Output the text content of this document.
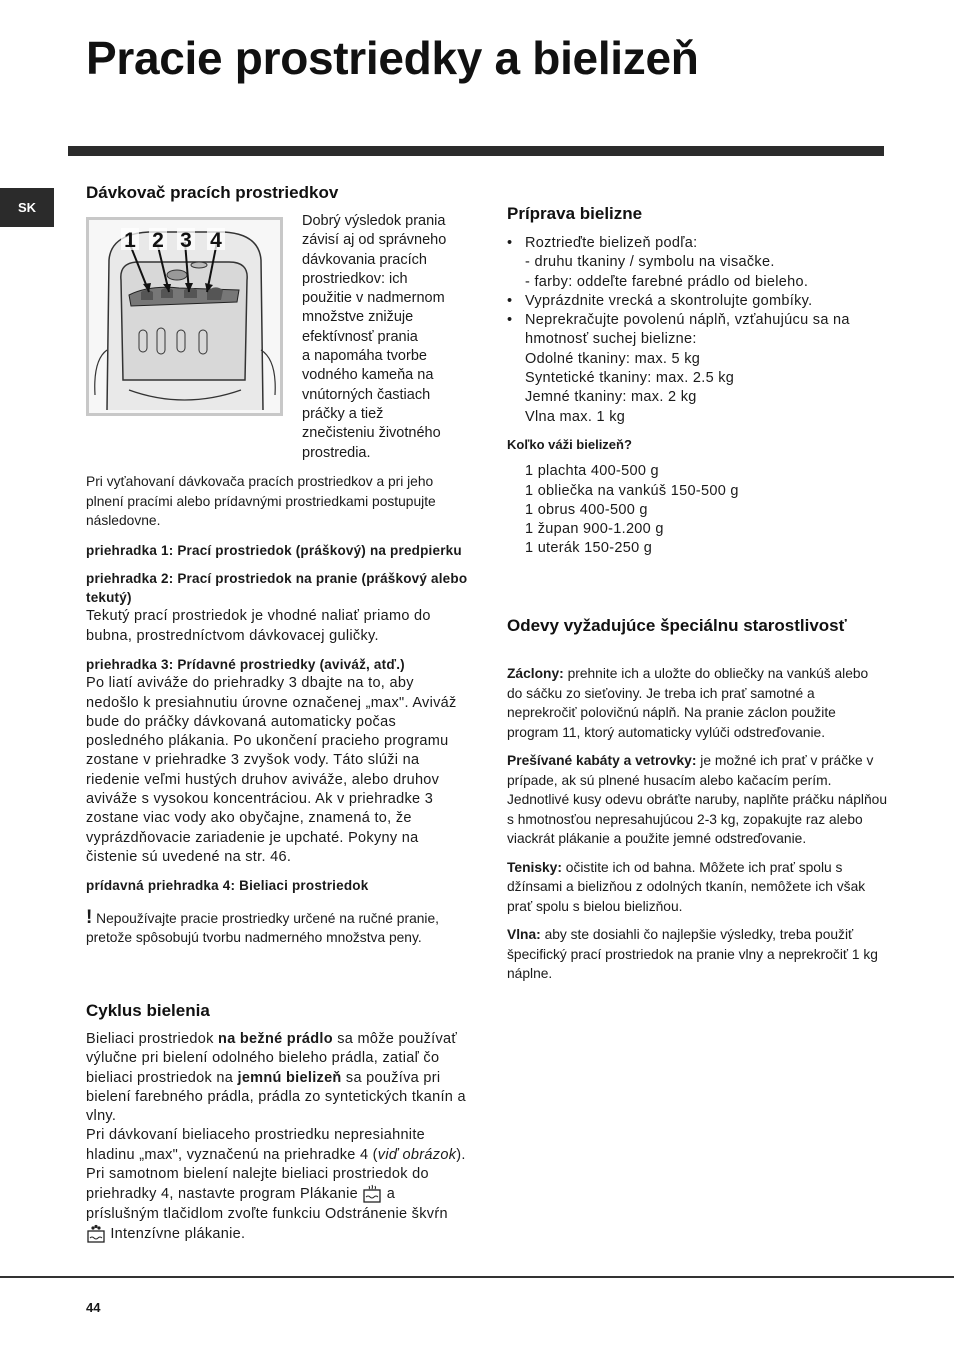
Pracie prostriedky a bielizeň
SK
Dávkovač pracích prostriedkov
1 2 3 4
Dobrý výsledok prania
závisí aj od správneho
dávkovania pracích
prostriedkov: ich
použitie v nadmernom
množstve znižuje
efektívnosť prania
a napomáha tvorbe
vodného kameňa na
vnútorných častiach
práčky a tiež
znečisteniu životného
prostredia.

Pri vyťahovaní dávkovača pracích prostriedkov a pri jeho plnení pracími alebo prídavnými prostriedkami postupujte následovne.

priehradka 1: Prací prostriedok (práškový) na predpierku

priehradka 2: Prací prostriedok na pranie (práškový alebo tekutý)

Tekutý prací prostriedok je vhodné naliať priamo do bubna, prostredníctvom dávkovacej guličky.

priehradka 3: Prídavné prostriedky (aviváž, atď.)

Po liatí aviváže do priehradky 3 dbajte na to, aby nedošlo k presiahnutiu úrovne označenej „max". Aviváž bude do práčky dávkovaná automaticky počas posledného plákania. Po ukončení pracieho programu zostane v priehradke 3 zvyšok vody. Táto slúži na riedenie veľmi hustých druhov aviváže, alebo druhov aviváže s vysokou koncentráciou. Ak v priehradke 3 zostane viac vody ako obyčajne, znamená to, že vyprázdňovacie zariadenie je upchaté. Pokyny na čistenie sú uvedené na str. 46.

prídavná priehradka 4: Bieliaci prostriedok

! Nepoužívajte pracie prostriedky určené na ručné pranie, pretože spôsobujú tvorbu nadmerného množstva peny.

Cyklus bielenia

Bieliaci prostriedok na bežné prádlo sa môže používať výlučne pri bielení odolného bieleho prádla, zatiaľ čo bieliaci prostriedok na jemnú bielizeň sa používa pri bielení farebného prádla, prádla zo syntetických tkanín a vlny.

Pri dávkovaní bieliaceho prostriedku nepresiahnite hladinu „max", vyznačenú na priehradke 4 (viď obrázok).

Pri samotnom bielení nalejte bieliaci prostriedok do priehradky 4, nastavte program Plákanie a príslušným tlačidlom zvoľte funkciu Odstránenie škvŕn  Intenzívne plákanie.

Príprava bielizne
• Roztrieďte bielizeň podľa:
- druhu tkaniny / symbolu na visačke.
- farby: oddeľte farebné prádlo od bieleho.
• Vyprázdnite vrecká a skontrolujte gombíky.
• Neprekračujte povolenú náplň, vzťahujúcu sa na hmotnosť suchej bielizne:
Odolné tkaniny: max. 5 kg
Syntetické tkaniny: max. 2.5 kg
Jemné tkaniny: max. 2 kg
Vlna max. 1 kg

Koľko váži bielizeň?

1 plachta 400-500 g
1 obliečka na vankúš 150-500 g
1 obrus 400-500 g
1 župan 900-1.200 g
1 uterák 150-250 g
Odevy vyžadujúce špeciálnu starostlivosť

Záclony: prehnite ich a uložte do obliečky na vankúš alebo do sáčku zo sieťoviny. Je treba ich prať samotné a neprekročiť polovičnú náplň. Na pranie záclon použite program 11, ktorý automaticky vylúči odstreďovanie.

Prešívané kabáty a vetrovky: je možné ich prať v práčke v prípade, ak sú plnené husacím alebo kačacím perím. Jednotlivé kusy odevu obráťte naruby, naplňte práčku náplňou s hmotnosťou nepresahujúcou 2-3 kg, zopakujte raz alebo viackrát plákanie a použite jemné odstreďovanie.

Tenisky: očistite ich od bahna. Môžete ich prať spolu s džínsami a bielizňou z odolných tkanín, nemôžete ich však prať spolu s bielou bielizňou.

Vlna: aby ste dosiahli čo najlepšie výsledky, treba použiť špecifický prací prostriedok na pranie vlny a neprekročiť 1 kg náplne.

44
